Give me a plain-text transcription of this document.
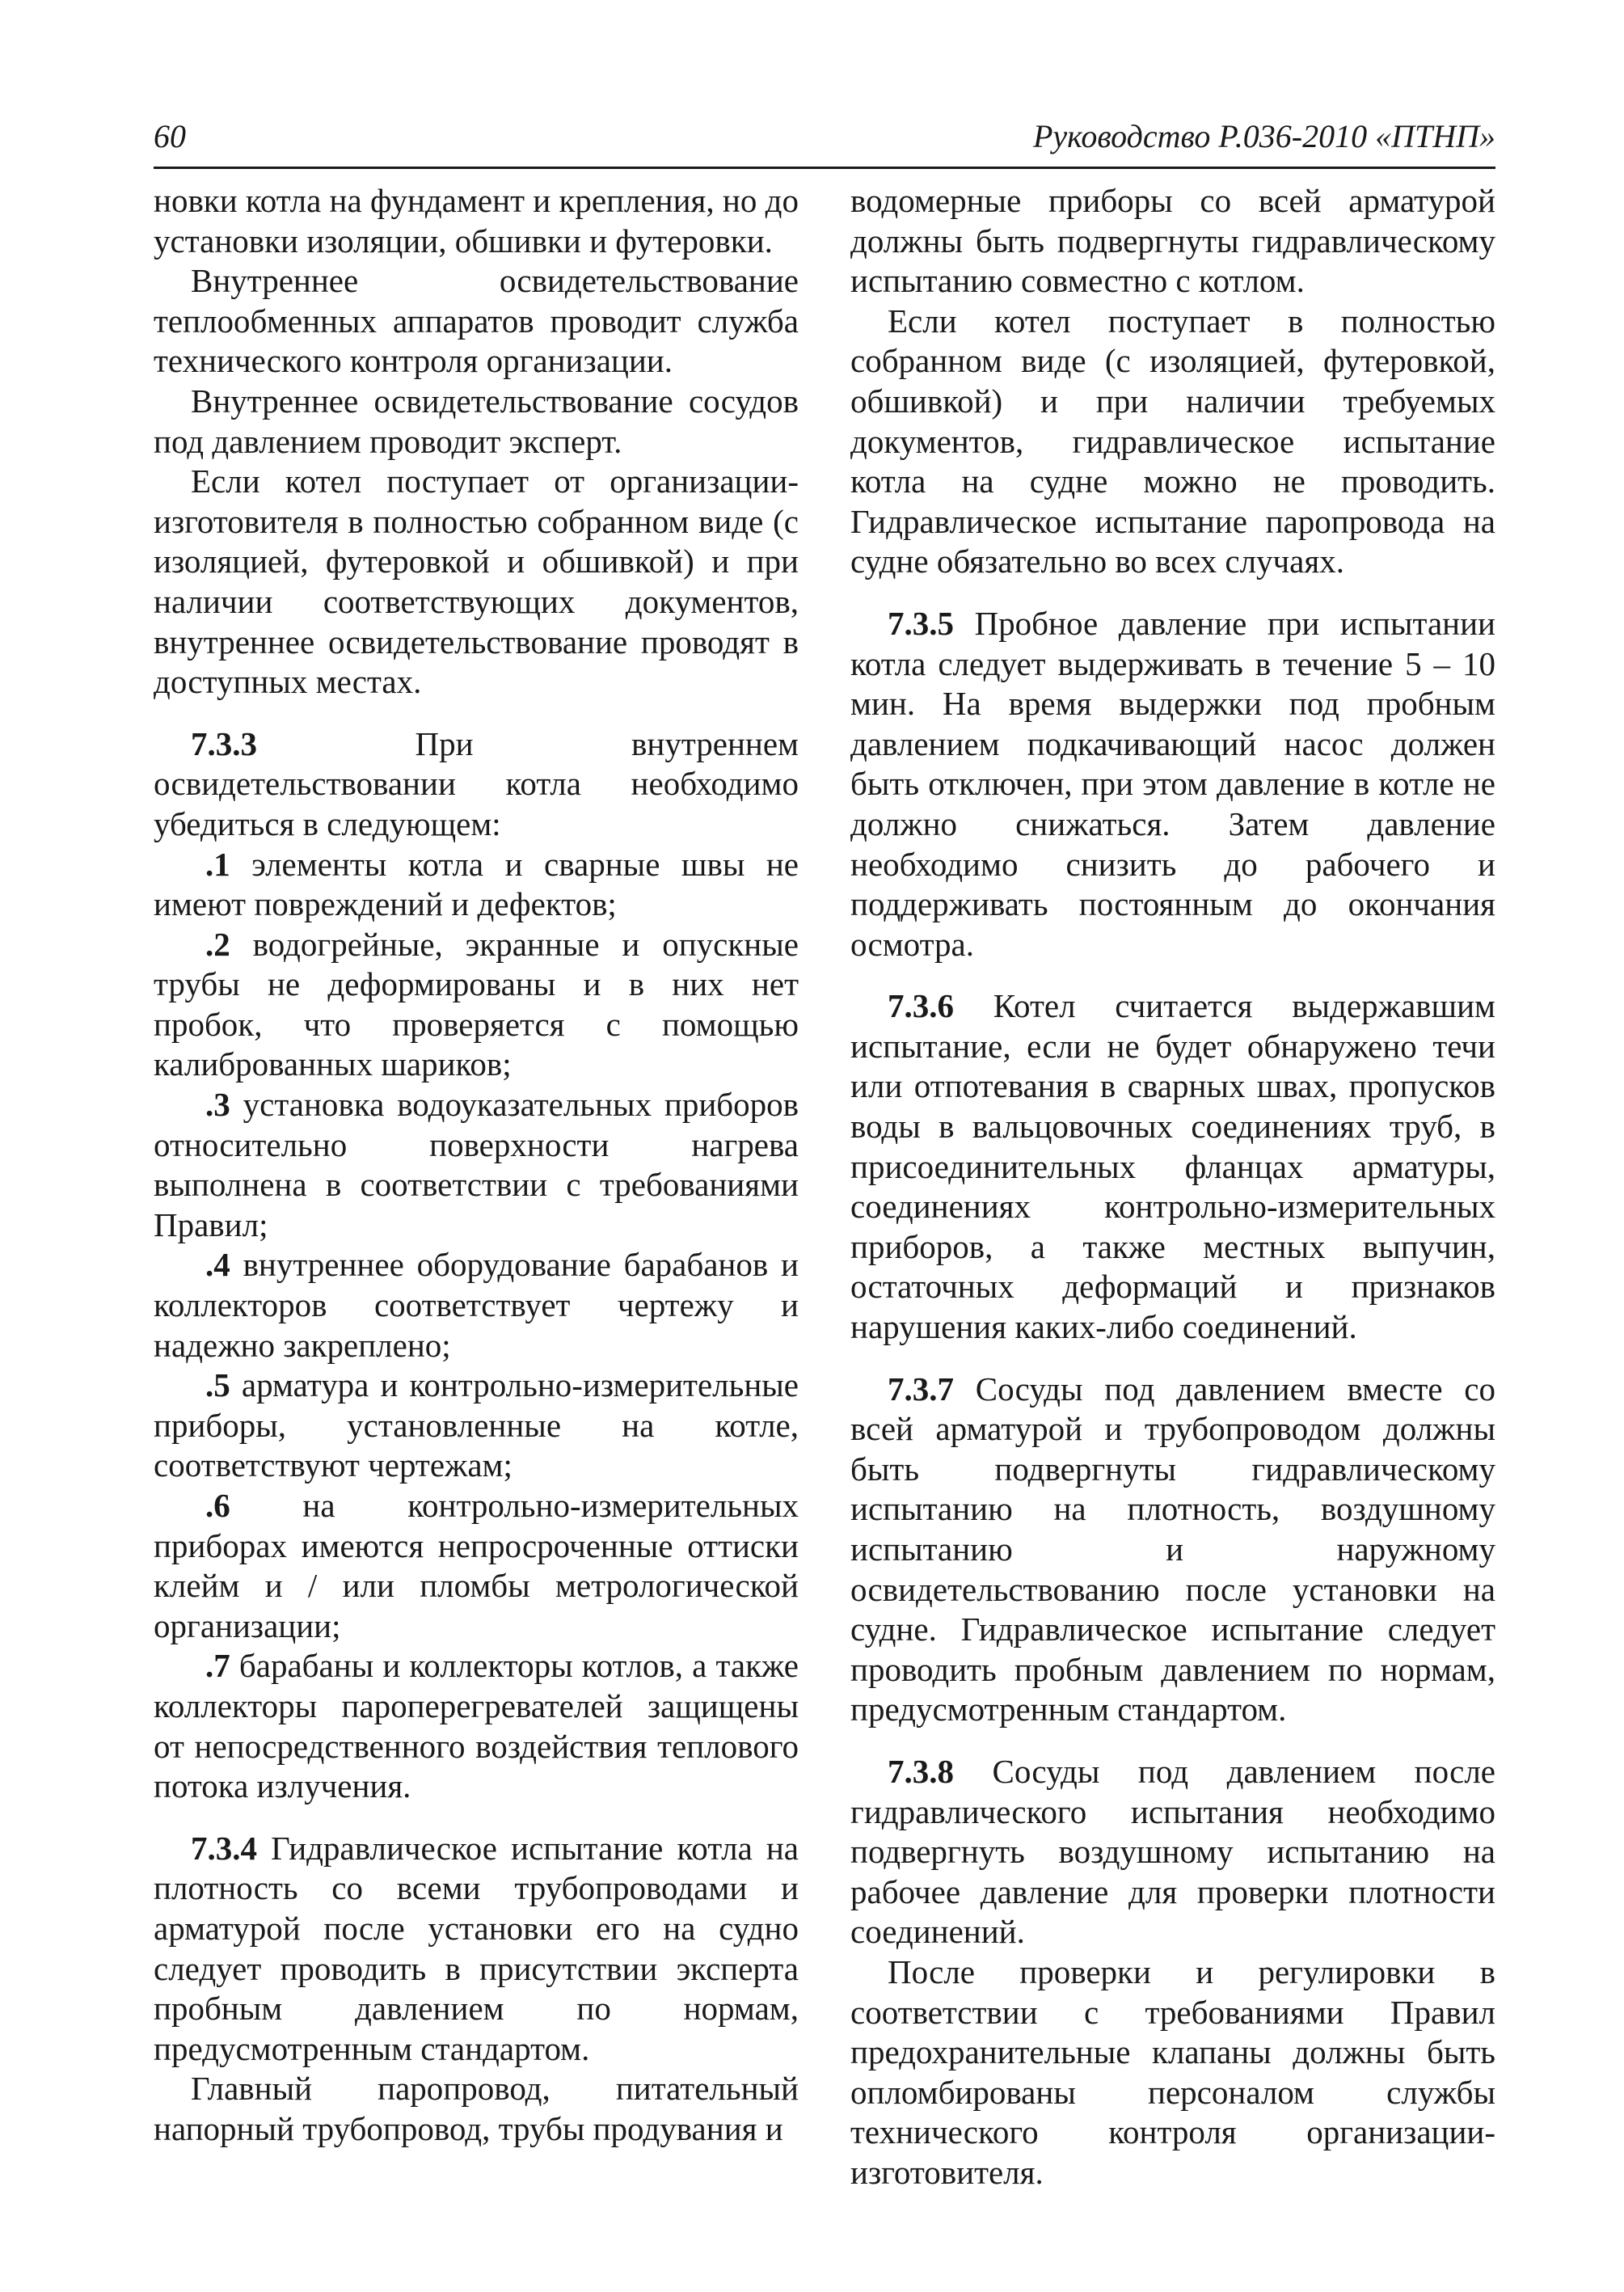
60	Руководство Р.036-2010 «ПТНП»

новки котла на фундамент и крепления, но до установки изоляции, обшивки и футеровки.

Внутреннее освидетельствование теплообменных аппаратов проводит служба технического контроля организации.

Внутреннее освидетельствование сосудов под давлением проводит эксперт.

Если котел поступает от организации-изготовителя в полностью собранном виде (с изоляцией, футеровкой и обшивкой) и при наличии соответствующих документов, внутреннее освидетельствование проводят в доступных местах.

7.3.3	При внутреннем освидетельствовании котла необходимо убедиться в следующем:

.1 элементы котла и сварные швы не имеют повреждений и дефектов;

.2 водогрейные, экранные и опускные трубы не деформированы и в них нет пробок, что проверяется с помощью калиброванных шариков;

.3 установка водоуказательных приборов относительно поверхности нагрева выполнена в соответствии с требованиями Правил;

.4 внутреннее оборудование барабанов и коллекторов соответствует чертежу и надежно закреплено;

.5 арматура и контрольно-измерительные приборы, установленные на котле, соответствуют чертежам;

.6 на контрольно-измерительных приборах имеются непросроченные оттиски клейм и / или пломбы метрологической организации;

.7 барабаны и коллекторы котлов, а также коллекторы пароперегревателей защищены от непосредственного воздействия теплового потока излучения.

7.3.4 Гидравлическое испытание котла на плотность со всеми трубопроводами и арматурой после установки его на судно следует проводить в присутствии эксперта пробным давлением по нормам, предусмотренным стандартом.

Главный паропровод, питательный напорный трубопровод, трубы продувания и

водомерные приборы со всей арматурой должны быть подвергнуты гидравлическому испытанию совместно с котлом.

Если котел поступает в полностью собранном виде (с изоляцией, футеровкой, обшивкой) и при наличии требуемых документов, гидравлическое испытание котла на судне можно не проводить. Гидравлическое испытание паропровода на судне обязательно во всех случаях.

7.3.5 Пробное давление при испытании котла следует выдерживать в течение 5 – 10 мин. На время выдержки под пробным давлением подкачивающий насос должен быть отключен, при этом давление в котле не должно снижаться. Затем давление необходимо снизить до рабочего и поддерживать постоянным до окончания осмотра.

7.3.6 Котел считается выдержавшим испытание, если не будет обнаружено течи или отпотевания в сварных швах, пропусков воды в вальцовочных соединениях труб, в присоединительных фланцах арматуры, соединениях контрольно-измерительных приборов, а также местных выпучин, остаточных деформаций и признаков нарушения каких-либо соединений.

7.3.7 Сосуды под давлением вместе со всей арматурой и трубопроводом должны быть подвергнуты гидравлическому испытанию на плотность, воздушному испытанию и наружному освидетельствованию после установки на судне. Гидравлическое испытание следует проводить пробным давлением по нормам, предусмотренным стандартом.

7.3.8 Сосуды под давлением после гидравлического испытания необходимо подвергнуть воздушному испытанию на рабочее давление для проверки плотности соединений.

После проверки и регулировки в соответствии с требованиями Правил предохранительные клапаны должны быть опломбированы персоналом службы технического контроля организации-изготовителя.
